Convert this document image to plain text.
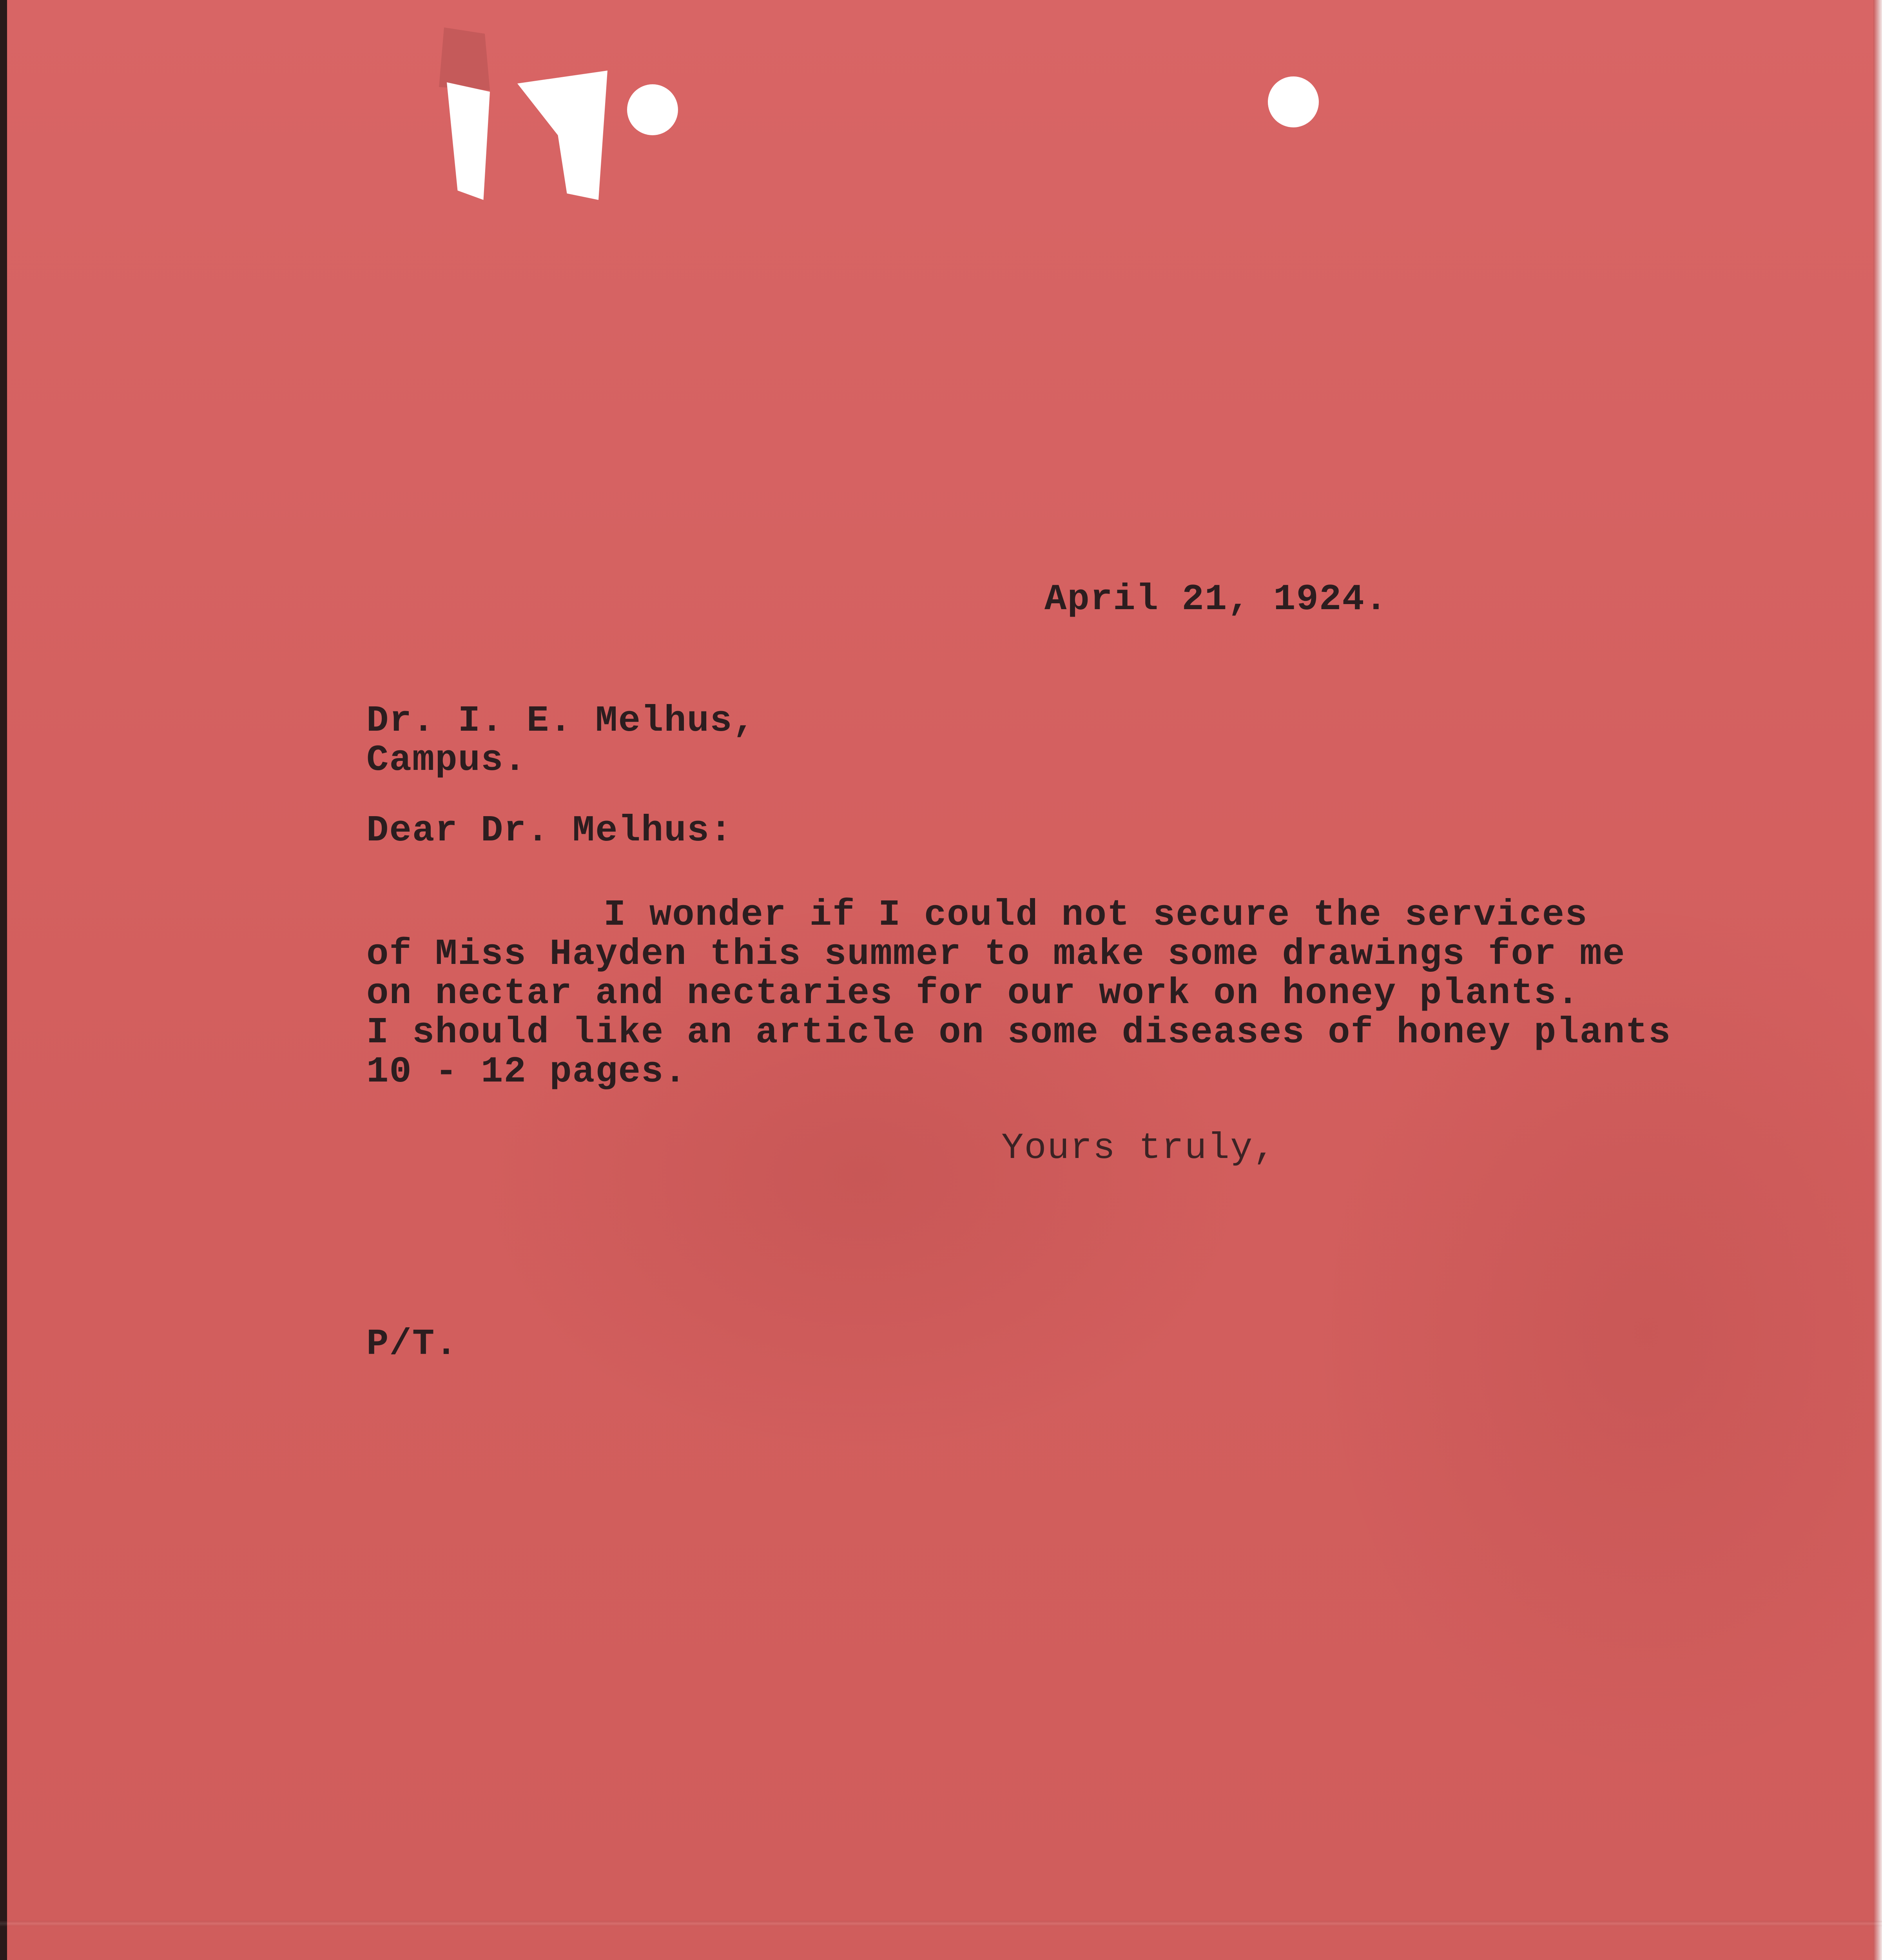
April 21, 1924.
Dr. I. E. Melhus,
Campus.
Dear Dr. Melhus:
I wonder if I could not secure the services
of Miss Hayden this summer to make some drawings for me
on nectar and nectaries for our work on honey plants.
I should like an article on some diseases of honey plants
10 - 12 pages.
Yours truly,
P/T.
